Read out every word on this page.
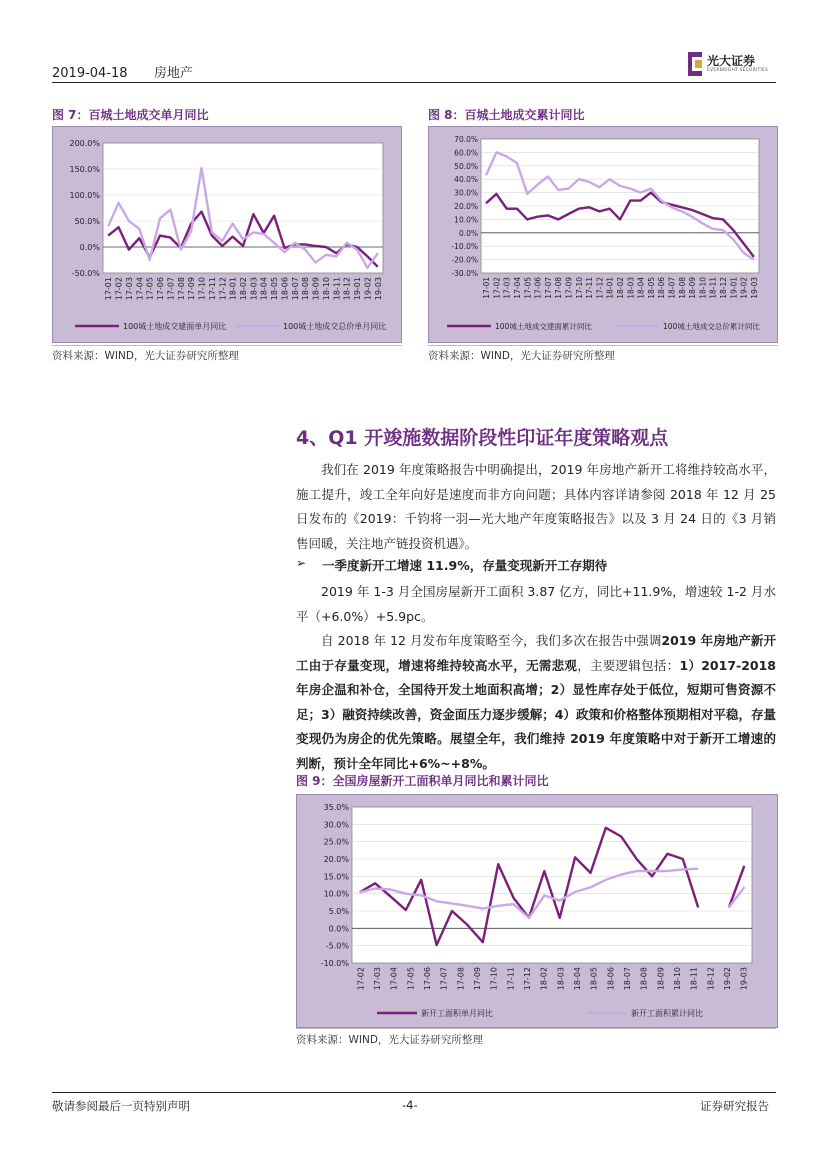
2019-04-18 房地产
光大证券
EVERBRIGHT SECURITIES
图 7：百城土地成交单月同比
200.0%
150.0%
100.0%
50.0%
0.0%
-50.0%
17-01 17-02 17-03 17-04 17-05 17-06 17-07 17-08 17-09 17-10 17-11 17-12 18-01 18-02 18-03 18-04 18-05 18-06 18-07 18-08 18-09 18-10 18-11 18-12 19-01 19-02 19-03
100城土地成交建面单月同比	100城土地成交总价单月同比
资料来源：WIND，光大证券研究所整理
图 8：百城土地成交累计同比
70.0%
60.0%
50.0%
40.0%
30.0%
20.0%
10.0%
0.0%
-10.0%
-20.0%
-30.0%
17-01 17-02 17-03 17-04 17-05 17-06 17-07 17-08 17-09 17-10 17-11 17-12 18-01 18-02 18-03 18-04 18-05 18-06 18-07 18-08 18-09 18-10 18-11 18-12 19-01 19-02 19-03
100城土地成交建面累计同比	100城土地成交总价累计同比
资料来源：WIND，光大证券研究所整理
4、Q1 开竣施数据阶段性印证年度策略观点
我们在 2019 年度策略报告中明确提出，2019 年房地产新开工将维持较高水平，施工提升，竣工全年向好是速度而非方向问题；具体内容详请参阅 2018 年 12 月 25 日发布的《2019：千钧将一羽—光大地产年度策略报告》以及 3 月 24 日的《3 月销售回暖，关注地产链投资机遇》。
➢ 一季度新开工增速 11.9%，存量变现新开工存期待
2019 年 1-3 月全国房屋新开工面积 3.87 亿方，同比+11.9%，增速较 1-2 月水平（+6.0%）+5.9pc。
自 2018 年 12 月发布年度策略至今，我们多次在报告中强调2019 年房地产新开工由于存量变现，增速将维持较高水平，无需悲观，主要逻辑包括：1）2017-2018 年房企温和补仓，全国待开发土地面积高增；2）显性库存处于低位，短期可售资源不足；3）融资持续改善，资金面压力逐步缓解；4）政策和价格整体预期相对平稳，存量变现仍为房企的优先策略。展望全年，我们维持 2019 年度策略中对于新开工增速的判断，预计全年同比+6%~+8%。
图 9：全国房屋新开工面积单月同比和累计同比
35.0%
30.0%
25.0%
20.0%
15.0%
10.0%
5.0%
0.0%
-5.0%
-10.0%
17-02 17-03 17-04 17-05 17-06 17-07 17-08 17-09 17-10 17-11 17-12 18-02 18-03 18-04 18-05 18-06 18-07 18-08 18-09 18-10 18-11 18-12 19-02 19-03
新开工面积单月同比	新开工面积累计同比
资料来源：WIND，光大证券研究所整理
敬请参阅最后一页特别声明	-4-	证券研究报告
